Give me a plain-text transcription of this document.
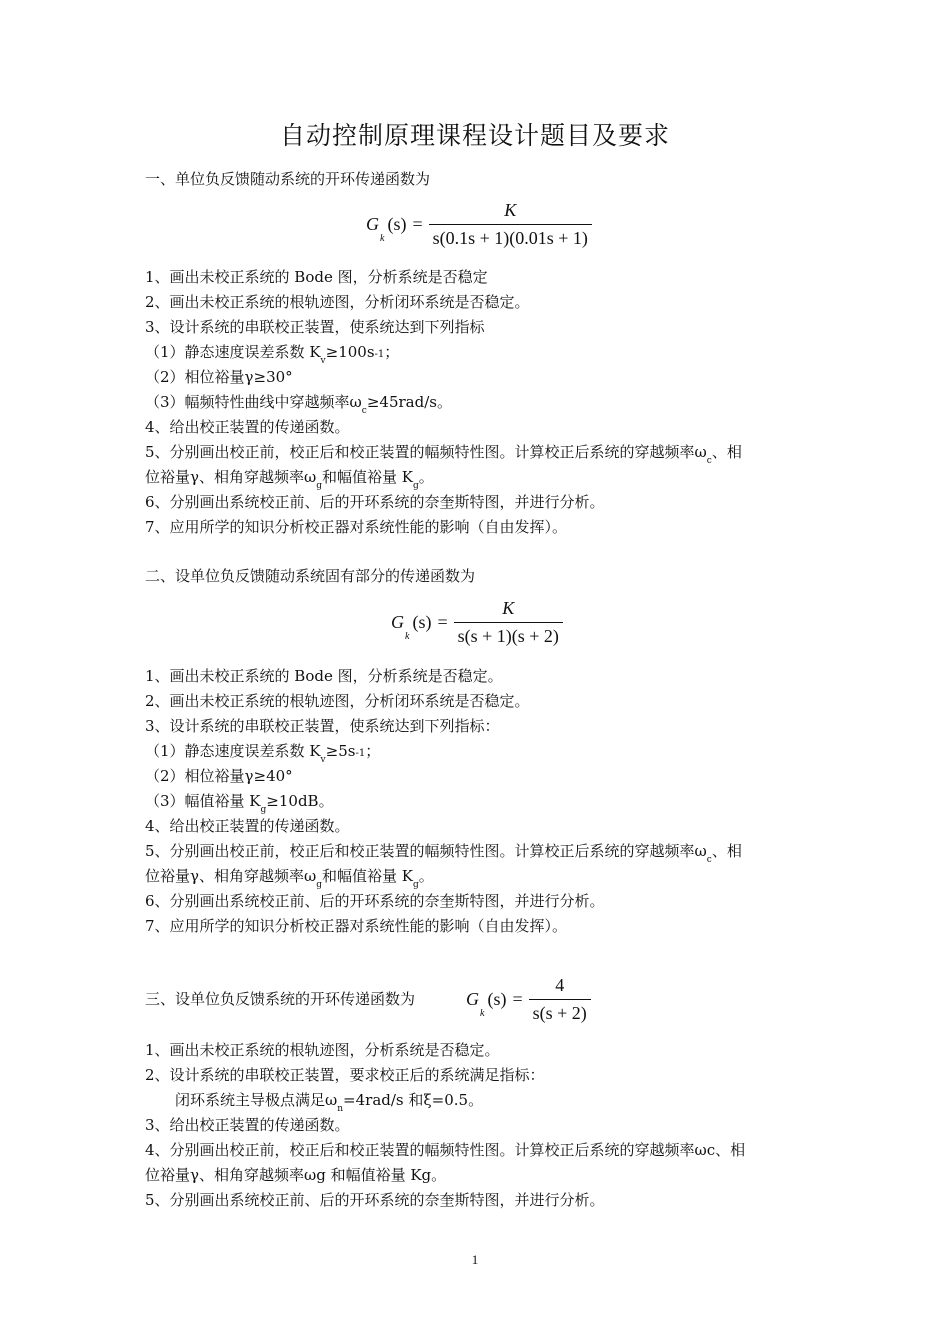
自动控制原理课程设计题目及要求
一、单位负反馈随动系统的开环传递函数为
G
k
$(s) = \frac{K}{s(0.1s + 1)(0.01s + 1)}$
1、画出未校正系统的 Bode 图，分析系统是否稳定
2、画出未校正系统的根轨迹图，分析闭环系统是否稳定。
3、设计系统的串联校正装置，使系统达到下列指标
（1）静态速度误差系数 $K_v\ge 100s-1$；
（2）相位裕量γ≥30°
（3）幅频特性曲线中穿越频率$\omega_c\ge 45rad/s$。
4、给出校正装置的传递函数。
5、分别画出校正前，校正后和校正装置的幅频特性图。计算校正后系统的穿越频率$\omega_c$、相
位裕量γ、相角穿越频率$\omega_g$和幅值裕量 $K_g$。
6、分别画出系统校正前、后的开环系统的奈奎斯特图，并进行分析。
7、应用所学的知识分析校正器对系统性能的影响（自由发挥）。
二、设单位负反馈随动系统固有部分的传递函数为
G
k
$(s) = \frac{K}{s(s + 1)(s + 2)}$
1、画出未校正系统的 Bode 图，分析系统是否稳定。
2、画出未校正系统的根轨迹图，分析闭环系统是否稳定。
3、设计系统的串联校正装置，使系统达到下列指标：
（1）静态速度误差系数 $K_v\ge 5s-1$；
（2）相位裕量γ≥40°
（3）幅值裕量 $K_g\ge 10dB$。
4、给出校正装置的传递函数。
5、分别画出校正前，校正后和校正装置的幅频特性图。计算校正后系统的穿越频率$\omega_c$、相
位裕量γ、相角穿越频率$\omega_g$和幅值裕量 $K_g$。
6、分别画出系统校正前、后的开环系统的奈奎斯特图，并进行分析。
7、应用所学的知识分析校正器对系统性能的影响（自由发挥）。
三、设单位负反馈系统的开环传递函数为	G
k
$(s) = \frac{4}{s(s + 2)}$
1、画出未校正系统的根轨迹图，分析系统是否稳定。
2、设计系统的串联校正装置，要求校正后的系统满足指标：
闭环系统主导极点满足$\omega_n=4rad/s$ 和ξ=0.5。
3、给出校正装置的传递函数。
4、分别画出校正前，校正后和校正装置的幅频特性图。计算校正后系统的穿越频率ωc、相
位裕量γ、相角穿越频率ωg 和幅值裕量 Kg。
5、分别画出系统校正前、后的开环系统的奈奎斯特图，并进行分析。
1
